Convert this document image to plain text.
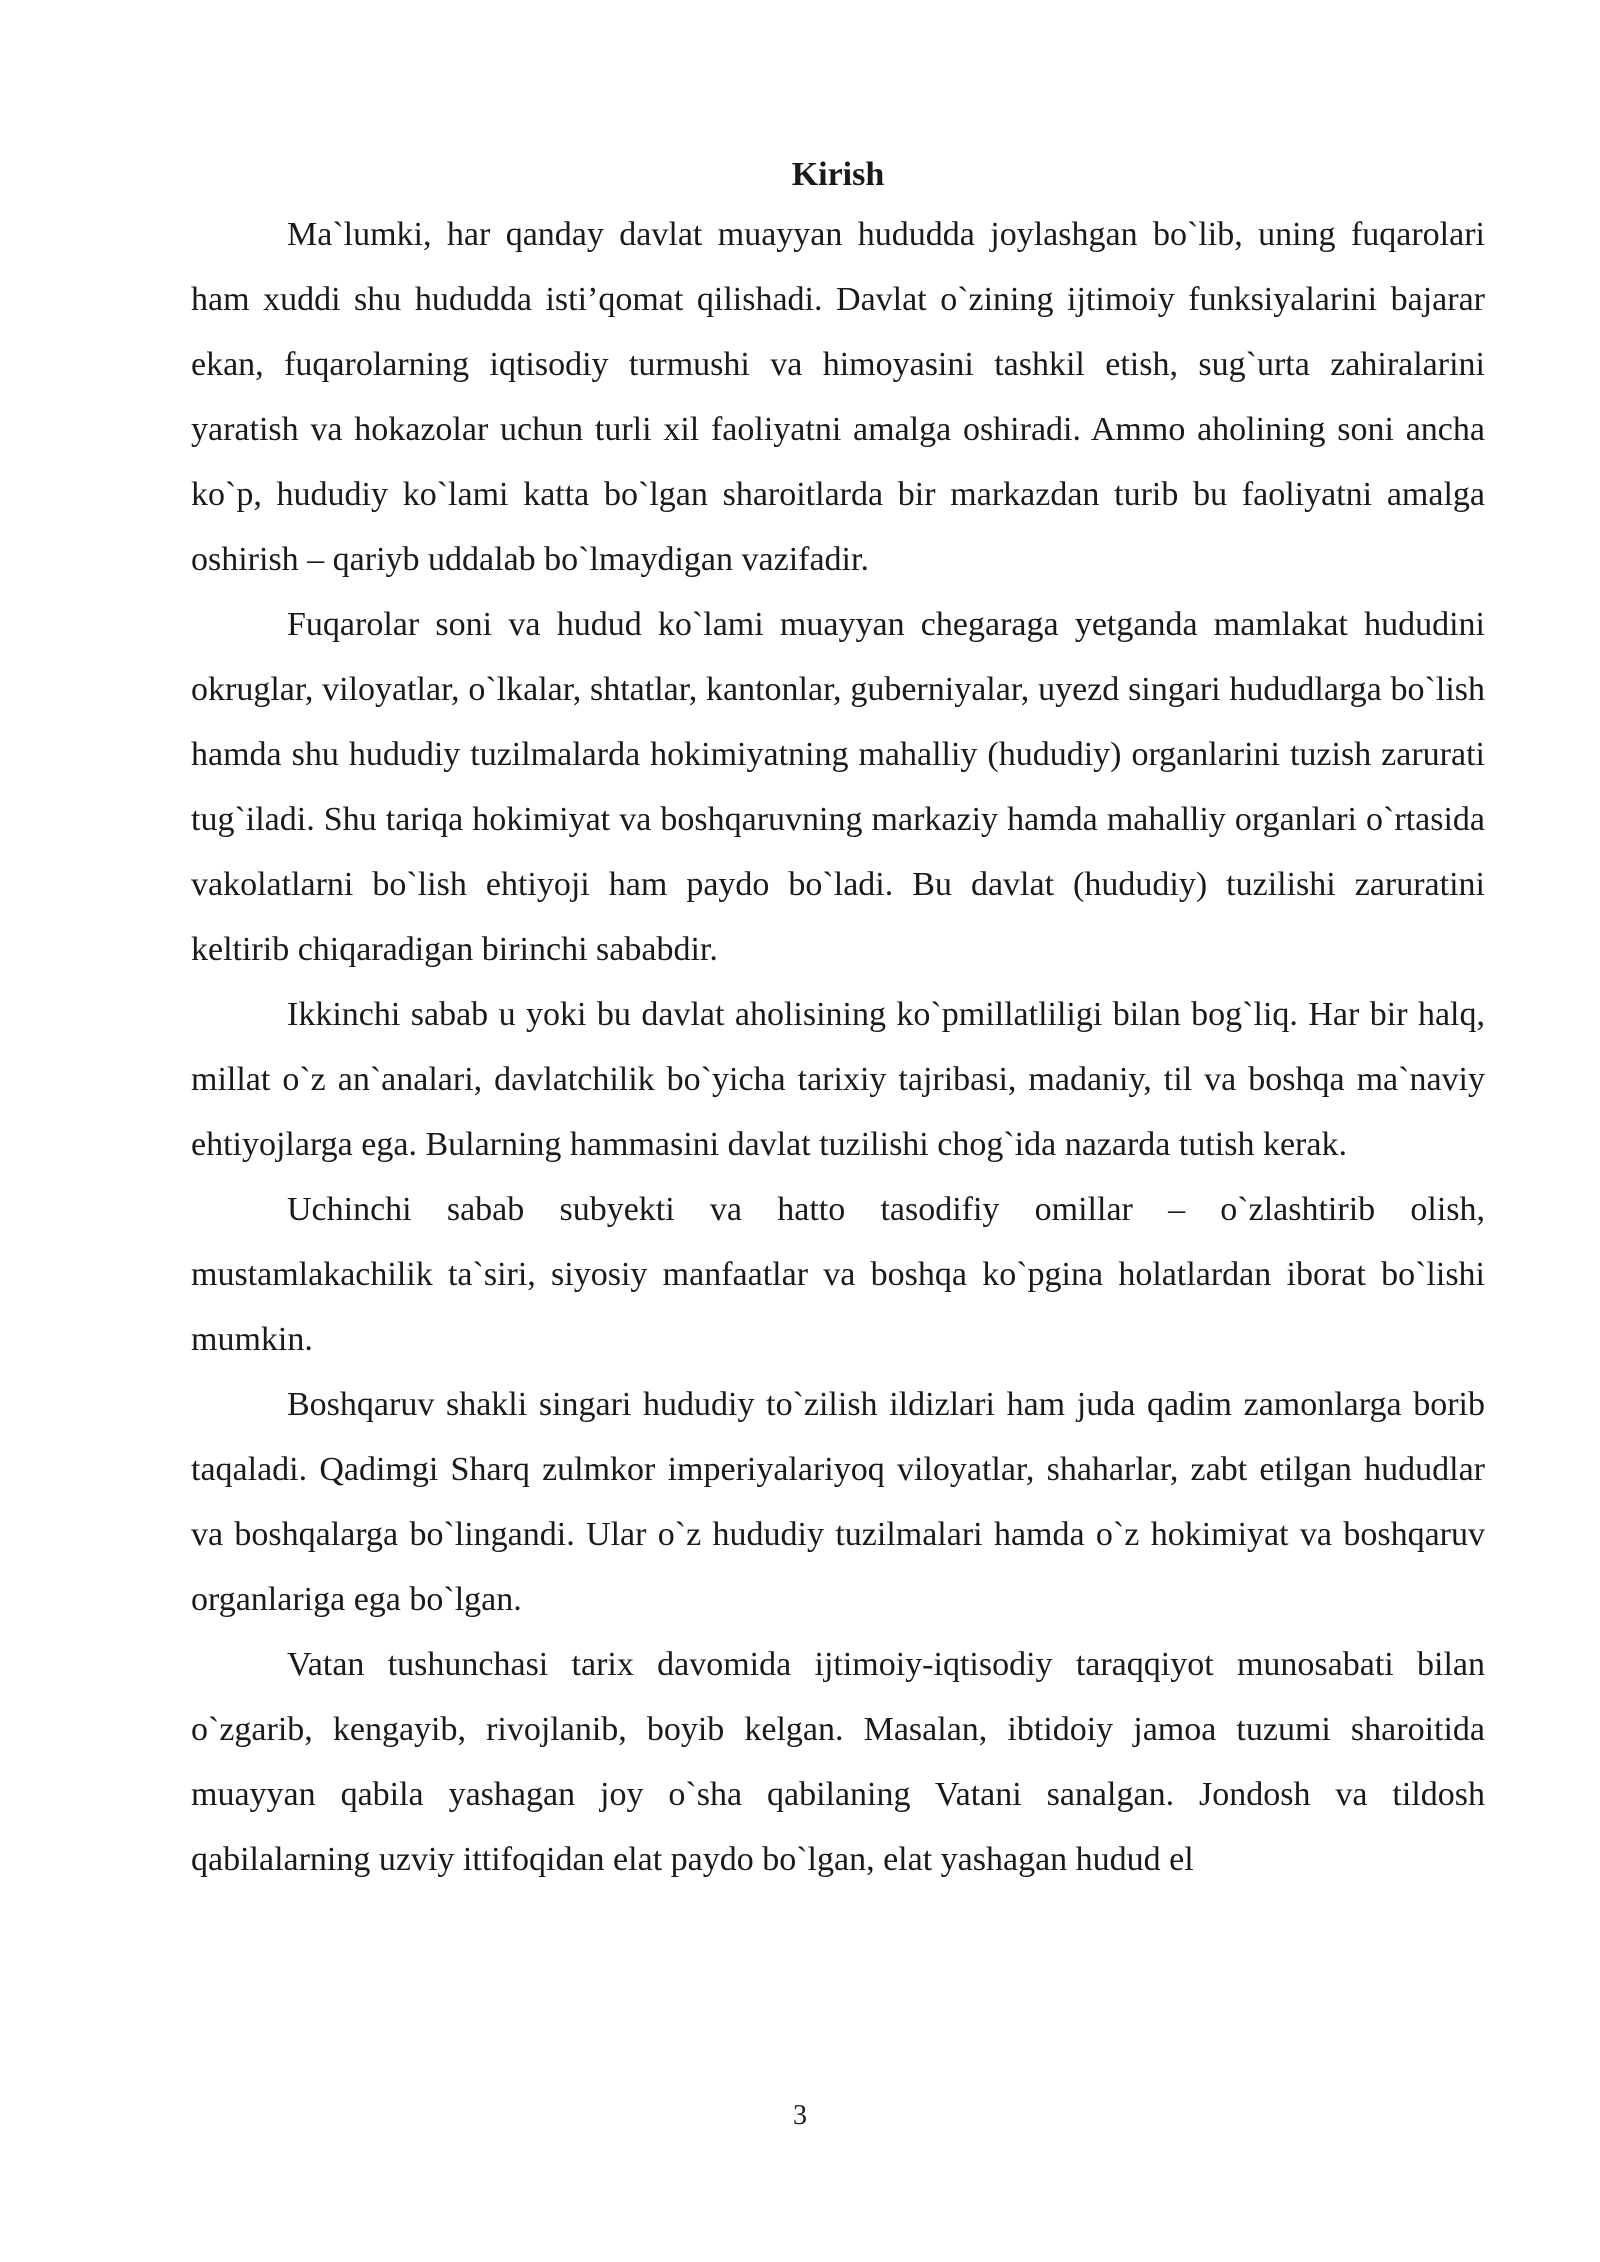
Kirish

Ma`lumki, har qanday davlat muayyan hududda joylashgan bo`lib, uning fuqarolari ham xuddi shu hududda isti’qomat qilishadi. Davlat o`zining ijtimoiy funksiyalarini bajarar ekan, fuqarolarning iqtisodiy turmushi va himoyasini tashkil etish, sug`urta zahiralarini yaratish va hokazolar uchun turli xil faoliyatni amalga oshiradi. Ammo aholining soni ancha ko`p, hududiy ko`lami katta bo`lgan sharoitlarda bir markazdan turib bu faoliyatni amalga oshirish – qariyb uddalab bo`lmaydigan vazifadir.

Fuqarolar soni va hudud ko`lami muayyan chegaraga yetganda mamlakat hududini okruglar, viloyatlar, o`lkalar, shtatlar, kantonlar, guberniyalar, uyezd singari hududlarga bo`lish hamda shu hududiy tuzilmalarda hokimiyatning mahalliy (hududiy) organlarini tuzish zarurati tug`iladi. Shu tariqa hokimiyat va boshqaruvning markaziy hamda mahalliy organlari o`rtasida vakolatlarni bo`lish ehtiyoji ham paydo bo`ladi. Bu davlat (hududiy) tuzilishi zaruratini keltirib chiqaradigan birinchi sababdir.

Ikkinchi sabab u yoki bu davlat aholisining ko`pmillatliligi bilan bog`liq. Har bir halq, millat o`z an`analari, davlatchilik bo`yicha tarixiy tajribasi, madaniy, til va boshqa ma`naviy ehtiyojlarga ega. Bularning hammasini davlat tuzilishi chog`ida nazarda tutish kerak.

Uchinchi sabab subyekti va hatto tasodifiy omillar – o`zlashtirib olish, mustamlakachilik ta`siri, siyosiy manfaatlar va boshqa ko`pgina holatlardan iborat bo`lishi mumkin.

Boshqaruv shakli singari hududiy to`zilish ildizlari ham juda qadim zamonlarga borib taqaladi. Qadimgi Sharq zulmkor imperiyalariyoq viloyatlar, shaharlar, zabt etilgan hududlar va boshqalarga bo`lingandi. Ular o`z hududiy tuzilmalari hamda o`z hokimiyat va boshqaruv organlariga ega bo`lgan.

Vatan tushunchasi tarix davomida ijtimoiy-iqtisodiy taraqqiyot munosabati bilan o`zgarib, kengayib, rivojlanib, boyib kelgan. Masalan, ibtidoiy jamoa tuzumi sharoitida muayyan qabila yashagan joy o`sha qabilaning Vatani sanalgan. Jondosh va tildosh qabilalarning uzviy ittifoqidan elat paydo bo`lgan, elat yashagan hudud el

3
